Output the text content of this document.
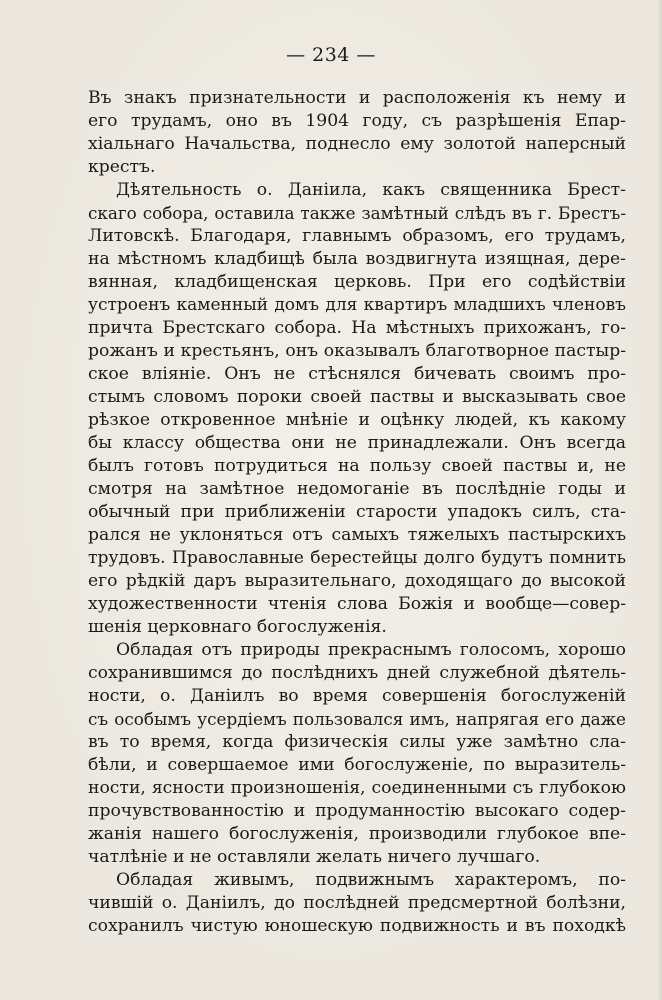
— 234 —
Въ знакъ признательности и расположенія къ нему и
его трудамъ, оно въ 1904 году, съ разрѣшенія Епар-
хіальнаго Начальства, поднесло ему золотой наперсный
крестъ.
Дѣятельность о. Даніила, какъ священника Брест-
скаго собора, оставила также замѣтный слѣдъ въ г. Брестъ-
Литовскѣ. Благодаря, главнымъ образомъ, его трудамъ,
на мѣстномъ кладбищѣ была воздвигнута изящная, дере-
вянная, кладбищенская церковь. При его содѣйствіи
устроенъ каменный домъ для квартиръ младшихъ членовъ
причта Брестскаго собора. На мѣстныхъ прихожанъ, го-
рожанъ и крестьянъ, онъ оказывалъ благотворное пастыр-
ское вліяніе. Онъ не стѣснялся бичевать своимъ про-
стымъ словомъ пороки своей паствы и высказывать свое
рѣзкое откровенное мнѣніе и оцѣнку людей, къ какому
бы классу общества они не принадлежали. Онъ всегда
былъ готовъ потрудиться на пользу своей паствы и, не
смотря на замѣтное недомоганіе въ послѣдніе годы и
обычный при приближеніи старости упадокъ силъ, ста-
рался не уклоняться отъ самыхъ тяжелыхъ пастырскихъ
трудовъ. Православные берестейцы долго будутъ помнить
его рѣдкій даръ выразительнаго, доходящаго до высокой
художественности чтенія слова Божія и вообще—совер-
шенія церковнаго богослуженія.
Обладая отъ природы прекраснымъ голосомъ, хорошо
сохранившимся до послѣднихъ дней служебной дѣятель-
ности, о. Даніилъ во время совершенія богослуженій
съ особымъ усердіемъ пользовался имъ, напрягая его даже
въ то время, когда физическія силы уже замѣтно сла-
бѣли, и совершаемое ими богослуженіе, по выразитель-
ности, ясности произношенія, соединенными съ глубокою
прочувствованностію и продуманностію высокаго содер-
жанія нашего богослуженія, производили глубокое впе-
чатлѣніе и не оставляли желать ничего лучшаго.
Обладая живымъ, подвижнымъ характеромъ, по-
чившій о. Даніилъ, до послѣдней предсмертной болѣзни,
сохранилъ чистую юношескую подвижность и въ походкѣ
